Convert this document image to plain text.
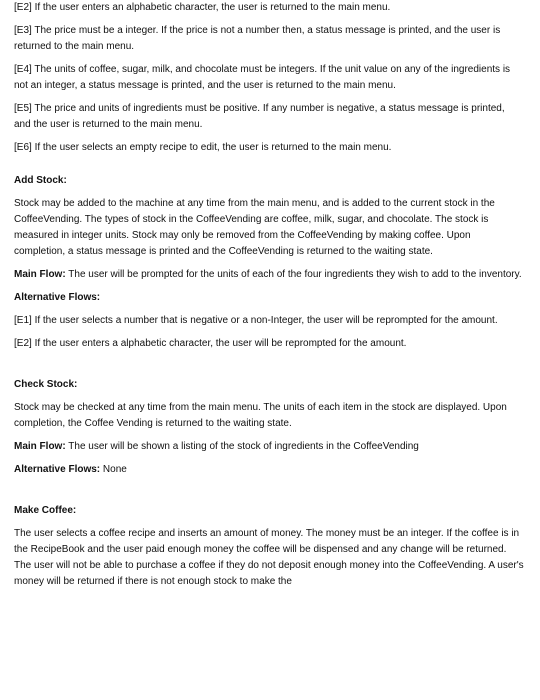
[E2] If the user enters an alphabetic character, the user is returned to the main menu.

[E3] The price must be a integer. If the price is not a number then, a status message is printed, and the user is returned to the main menu.

[E4] The units of coffee, sugar, milk, and chocolate must be integers. If the unit value on any of the ingredients is not an integer, a status message is printed, and the user is returned to the main menu.

[E5] The price and units of ingredients must be positive. If any number is negative, a status message is printed, and the user is returned to the main menu.

[E6] If the user selects an empty recipe to edit, the user is returned to the main menu.

Add Stock:

Stock may be added to the machine at any time from the main menu, and is added to the current stock in the CoffeeVending. The types of stock in the CoffeeVending are coffee, milk, sugar, and chocolate. The stock is measured in integer units. Stock may only be removed from the CoffeeVending by making coffee. Upon completion, a status message is printed and the CoffeeVending is returned to the waiting state.

Main Flow: The user will be prompted for the units of each of the four ingredients they wish to add to the inventory.

Alternative Flows:

[E1] If the user selects a number that is negative or a non-Integer, the user will be reprompted for the amount.

[E2] If the user enters a alphabetic character, the user will be reprompted for the amount.

Check Stock:

Stock may be checked at any time from the main menu. The units of each item in the stock are displayed. Upon completion, the Coffee Vending is returned to the waiting state.

Main Flow: The user will be shown a listing of the stock of ingredients in the CoffeeVending

Alternative Flows: None

Make Coffee:

The user selects a coffee recipe and inserts an amount of money. The money must be an integer. If the coffee is in the RecipeBook and the user paid enough money the coffee will be dispensed and any change will be returned. The user will not be able to purchase a coffee if they do not deposit enough money into the CoffeeVending. A user's money will be returned if there is not enough stock to make the
